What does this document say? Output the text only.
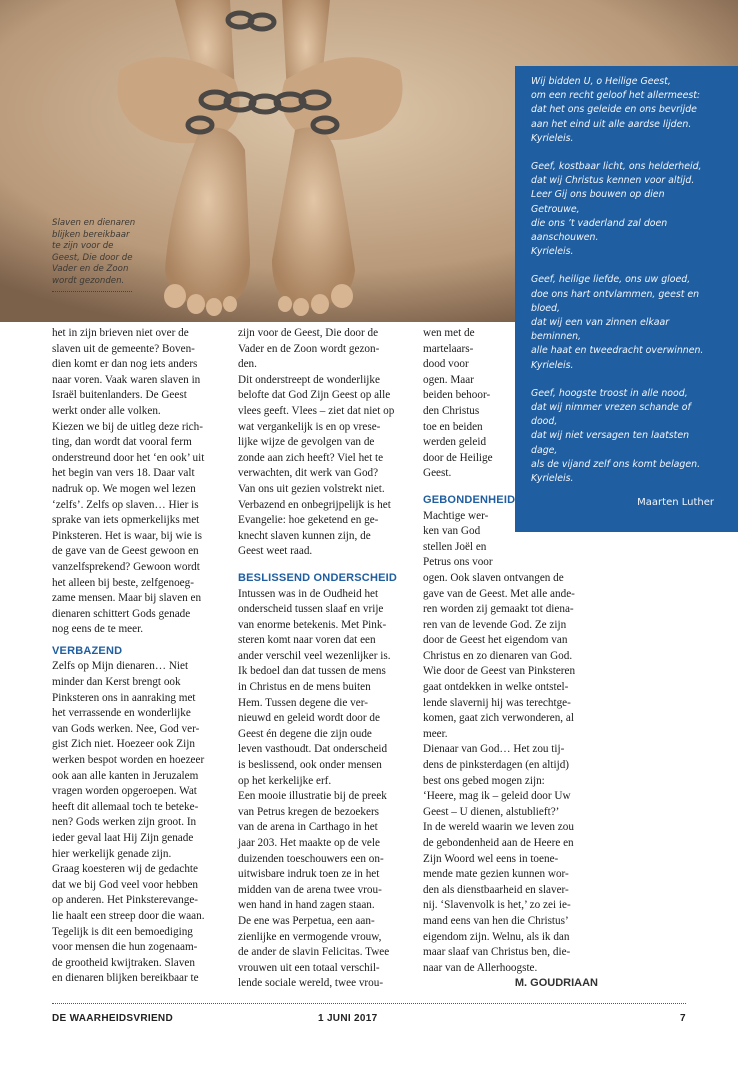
Slaven en dienaren
blijken bereikbaar
te zijn voor de
Geest, Die door de
Vader en de Zoon
wordt gezonden.
Wij bidden U, o Heilige Geest,
om een recht geloof het allermeest:
dat het ons geleide en ons bevrijde
aan het eind uit alle aardse lijden.
Kyrieleis.
Geef, kostbaar licht, ons helderheid,
dat wij Christus kennen voor altijd.
Leer Gij ons bouwen op dien
Getrouwe,
die ons ’t vaderland zal doen
aanschouwen.
Kyrieleis.
Geef, heilige liefde, ons uw gloed,
doe ons hart ontvlammen, geest en
bloed,
dat wij een van zinnen elkaar
beminnen,
alle haat en tweedracht overwinnen.
Kyrieleis.
Geef, hoogste troost in alle nood,
dat wij nimmer vrezen schande of
dood,
dat wij niet versagen ten laatsten
dage,
als de vijand zelf ons komt belagen.
Kyrieleis.
Maarten Luther

het in zijn brieven niet over de
slaven uit de gemeente? Boven-
dien komt er dan nog iets anders
naar voren. Vaak waren slaven in
Israël buitenlanders. De Geest
werkt onder alle volken.

Kiezen we bij de uitleg deze rich-
ting, dan wordt dat vooral ferm
onderstreund door het ‘en ook’ uit
het begin van vers 18. Daar valt
nadruk op. We mogen wel lezen
‘zelfs’. Zelfs op slaven… Hier is
sprake van iets opmerkelijks met
Pinksteren. Het is waar, bij wie is
de gave van de Geest gewoon en
vanzelfsprekend? Gewoon wordt
het alleen bij beste, zelfgenoeg-
zame mensen. Maar bij slaven en
dienaren schittert Gods genade
nog eens de te meer.

VERBAZEND

Zelfs op Mijn dienaren… Niet
minder dan Kerst brengt ook
Pinksteren ons in aanraking met
het verrassende en wonderlijke
van Gods werken. Nee, God ver-
gist Zich niet. Hoezeer ook Zijn
werken bespot worden en hoezeer
ook aan alle kanten in Jeruzalem
vragen worden opgeroepen. Wat
heeft dit allemaal toch te beteke-
nen? Gods werken zijn groot. In
ieder geval laat Hij Zijn genade
hier werkelijk genade zijn.

Graag koesteren wij de gedachte
dat we bij God veel voor hebben
op anderen. Het Pinksterevange-
lie haalt een streep door die waan.
Tegelijk is dit een bemoediging
voor mensen die hun zogenaam-
de grootheid kwijtraken. Slaven
en dienaren blijken bereikbaar te

zijn voor de Geest, Die door de
Vader en de Zoon wordt gezon-
den.

Dit onderstreept de wonderlijke
belofte dat God Zijn Geest op alle
vlees geeft. Vlees – ziet dat niet op
wat vergankelijk is en op vrese-
lijke wijze de gevolgen van de
zonde aan zich heeft? Viel het te
verwachten, dit werk van God?
Van ons uit gezien volstrekt niet.
Verbazend en onbegrijpelijk is het
Evangelie: hoe geketend en ge-
knecht slaven kunnen zijn, de
Geest weet raad.

BESLISSEND ONDERSCHEID

Intussen was in de Oudheid het
onderscheid tussen slaaf en vrije
van enorme betekenis. Met Pink-
steren komt naar voren dat een
ander verschil veel wezenlijker is.
Ik bedoel dan dat tussen de mens
in Christus en de mens buiten
Hem. Tussen degene die ver-
nieuwd en geleid wordt door de
Geest én degene die zijn oude
leven vasthoudt. Dat onderscheid
is beslissend, ook onder mensen
op het kerkelijke erf.

Een mooie illustratie bij de preek
van Petrus kregen de bezoekers
van de arena in Carthago in het
jaar 203. Het maakte op de vele
duizenden toeschouwers een on-
uitwisbare indruk toen ze in het
midden van de arena twee vrou-
wen hand in hand zagen staan.
De ene was Perpetua, een aan-
zienlijke en vermogende vrouw,
de ander de slavin Felicitas. Twee
vrouwen uit een totaal verschil-
lende sociale wereld, twee vrou-

wen met de
martelaars-
dood voor
ogen. Maar
beiden behoor-
den Christus
toe en beiden
werden geleid
door de Heilige
Geest.

GEBONDENHEID

Machtige wer-
ken van God
stellen Joël en
Petrus ons voor
ogen. Ook slaven ontvangen de
gave van de Geest. Met alle ande-
ren worden zij gemaakt tot diena-
ren van de levende God. Ze zijn
door de Geest het eigendom van
Christus en zo dienaren van God.
Wie door de Geest van Pinksteren
gaat ontdekken in welke ontstel-
lende slavernij hij was terechtge-
komen, gaat zich verwonderen, al
meer.

Dienaar van God… Het zou tij-
dens de pinksterdagen (en altijd)
best ons gebed mogen zijn:
‘Heere, mag ik – geleid door Uw
Geest – U dienen, alstublieft?’

In de wereld waarin we leven zou
de gebondenheid aan de Heere en
Zijn Woord wel eens in toene-
mende mate gezien kunnen wor-
den als dienstbaarheid en slaver-
nij. ‘Slavenvolk is het,’ zo zei ie-
mand eens van hen die Christus’
eigendom zijn. Welnu, als ik dan
maar slaaf van Christus ben, die-
naar van de Allerhoogste.

M. GOUDRIAAN
DE WAARHEIDSVRIEND	1 JUNI 2017	7
